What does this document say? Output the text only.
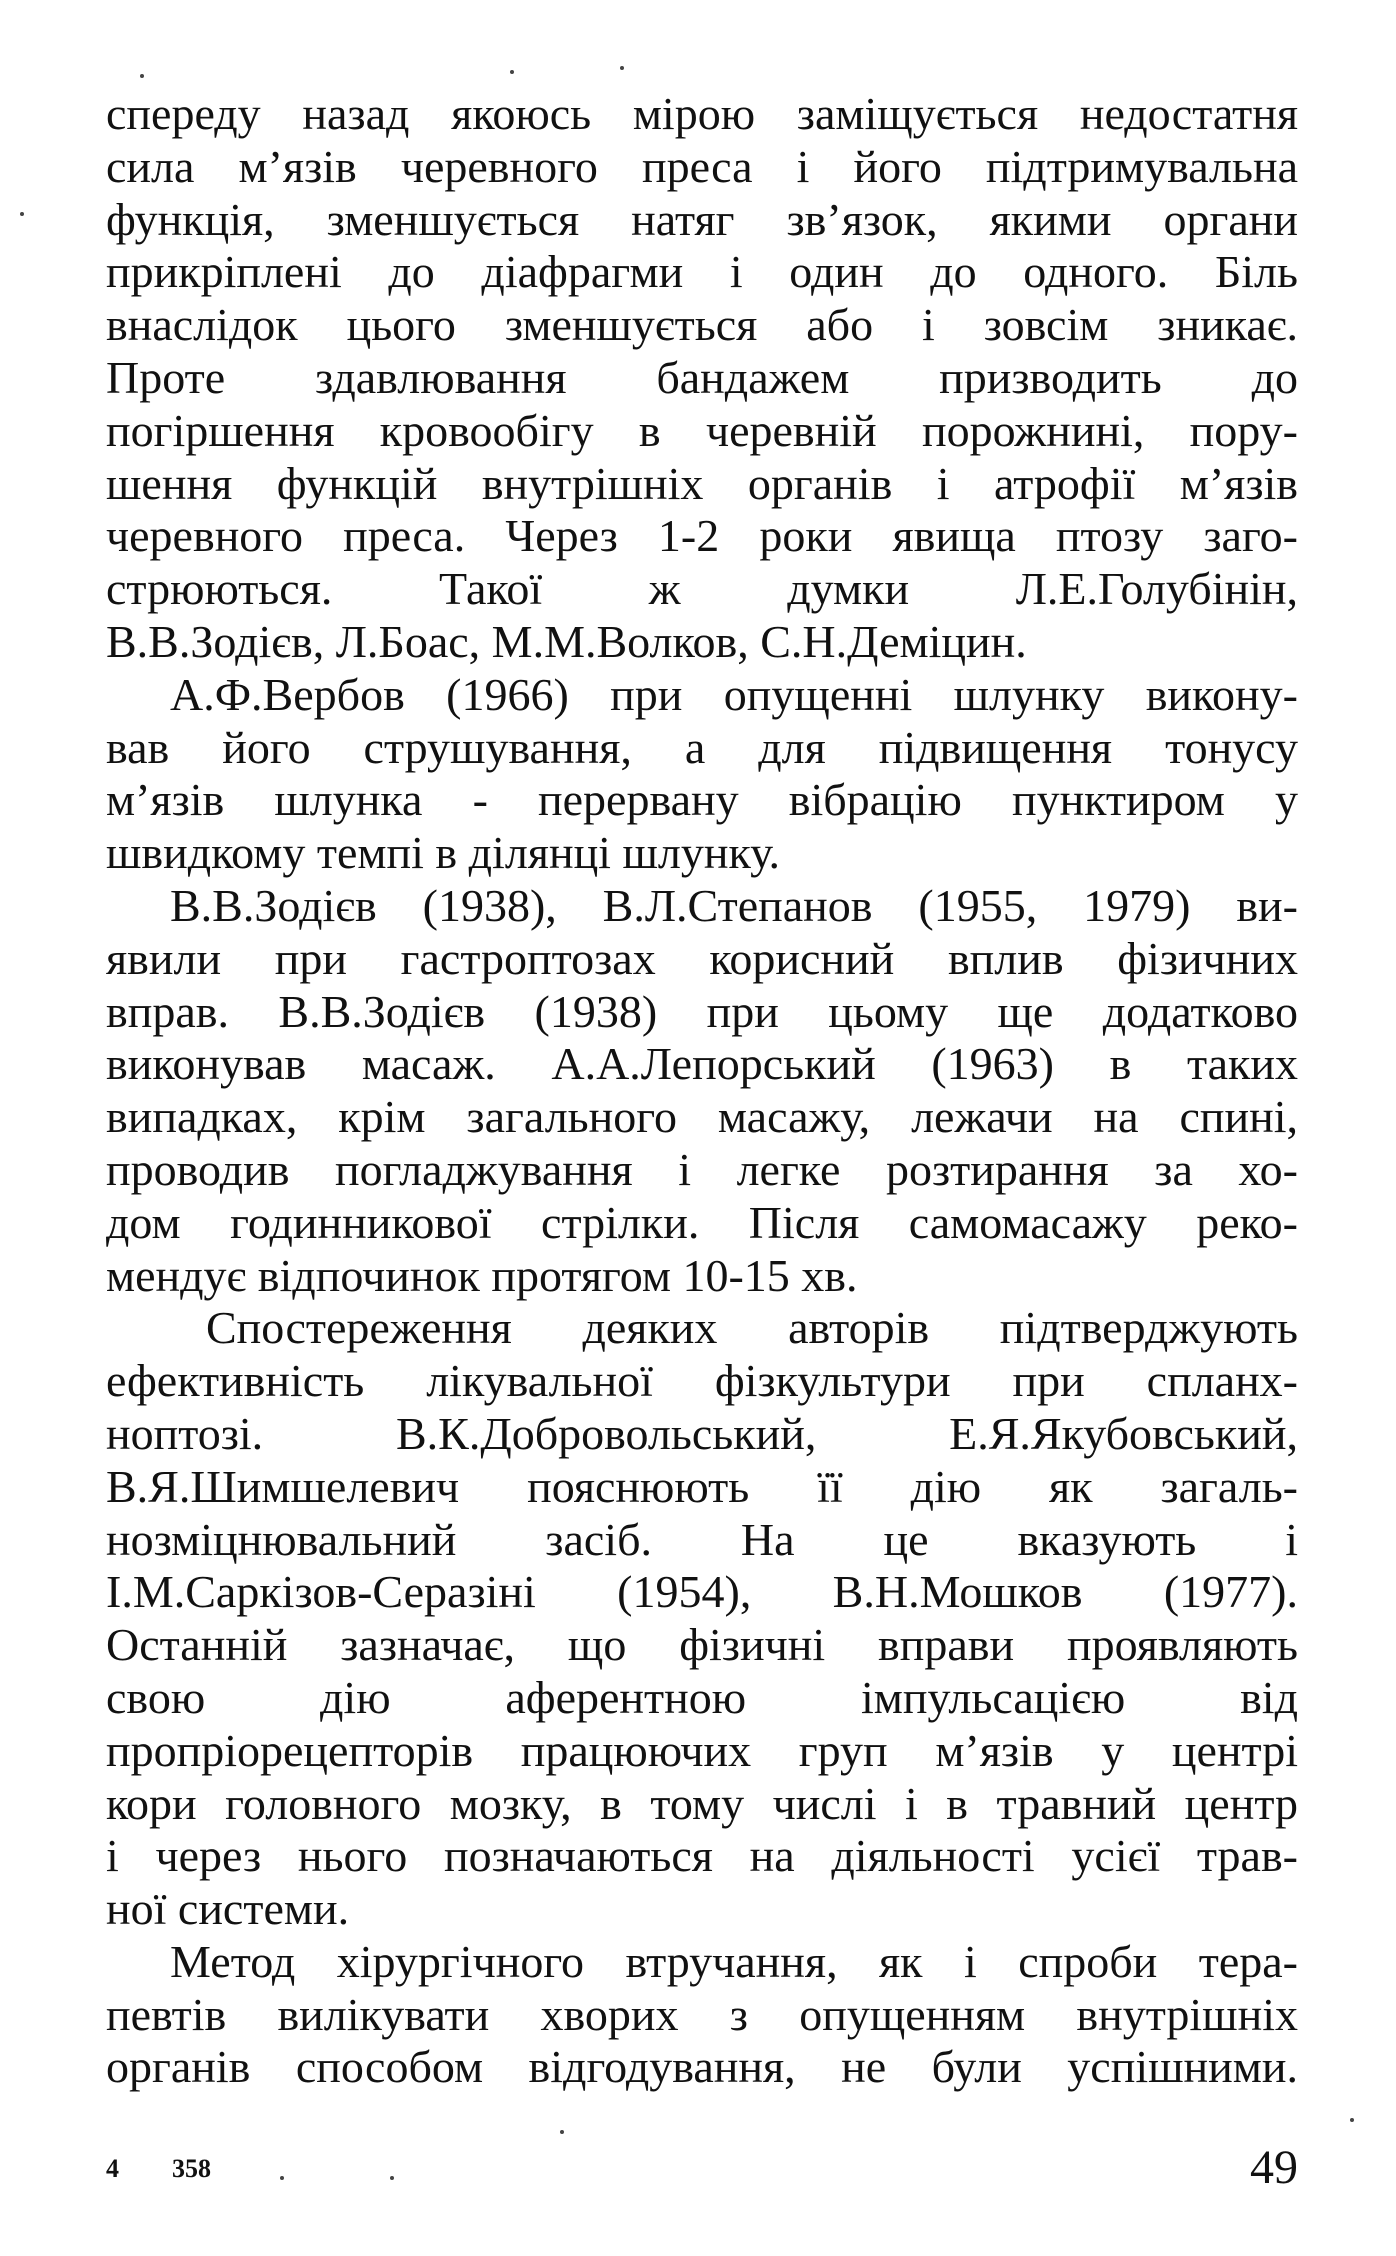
спереду назад якоюсь мірою заміщується недостатня
сила м’язів черевного преса і його підтримувальна
функція, зменшується натяг зв’язок, якими органи
прикріплені до діафрагми і один до одного. Біль
внаслідок цього зменшується або і зовсім зникає.
Проте здавлювання бандажем призводить до
погіршення кровообігу в черевній порожнині, пору-
шення функцій внутрішніх органів і атрофії м’язів
черевного преса. Через 1-2 роки явища птозу заго-
стрюються. Такої ж думки Л.Е.Голубінін,
В.В.Зодієв, Л.Боас, М.М.Волков, С.Н.Деміцин.
А.Ф.Вербов (1966) при опущенні шлунку викону-
вав його струшування, а для підвищення тонусу
м’язів шлунка - перервану вібрацію пунктиром у
швидкому темпі в ділянці шлунку.
В.В.Зодієв (1938), В.Л.Степанов (1955, 1979) ви-
явили при гастроптозах корисний вплив фізичних
вправ. В.В.Зодієв (1938) при цьому ще додатково
виконував масаж. А.А.Лепорський (1963) в таких
випадках, крім загального масажу, лежачи на спині,
проводив погладжування і легке розтирання за хо-
дом годинникової стрілки. Після самомасажу реко-
мендує відпочинок протягом 10-15 хв.
Спостереження деяких авторів підтверджують
ефективність лікувальної фізкультури при спланх-
ноптозі. В.К.Добровольський, Е.Я.Якубовський,
В.Я.Шимшелевич пояснюють її дію як загаль-
нозміцнювальний засіб. На це вказують і
І.М.Саркізов-Серазіні (1954), В.Н.Мошков (1977).
Останній зазначає, що фізичні вправи проявляють
свою дію аферентною імпульсацією від
пропріорецепторів працюючих груп м’язів у центрі
кори головного мозку, в тому числі і в травний центр
і через нього позначаються на діяльності усієї трав-
ної системи.
Метод хірургічного втручання, як і спроби тера-
певтів вилікувати хворих з опущенням внутрішніх
органів способом відгодування, не були успішними.
4 358	49
